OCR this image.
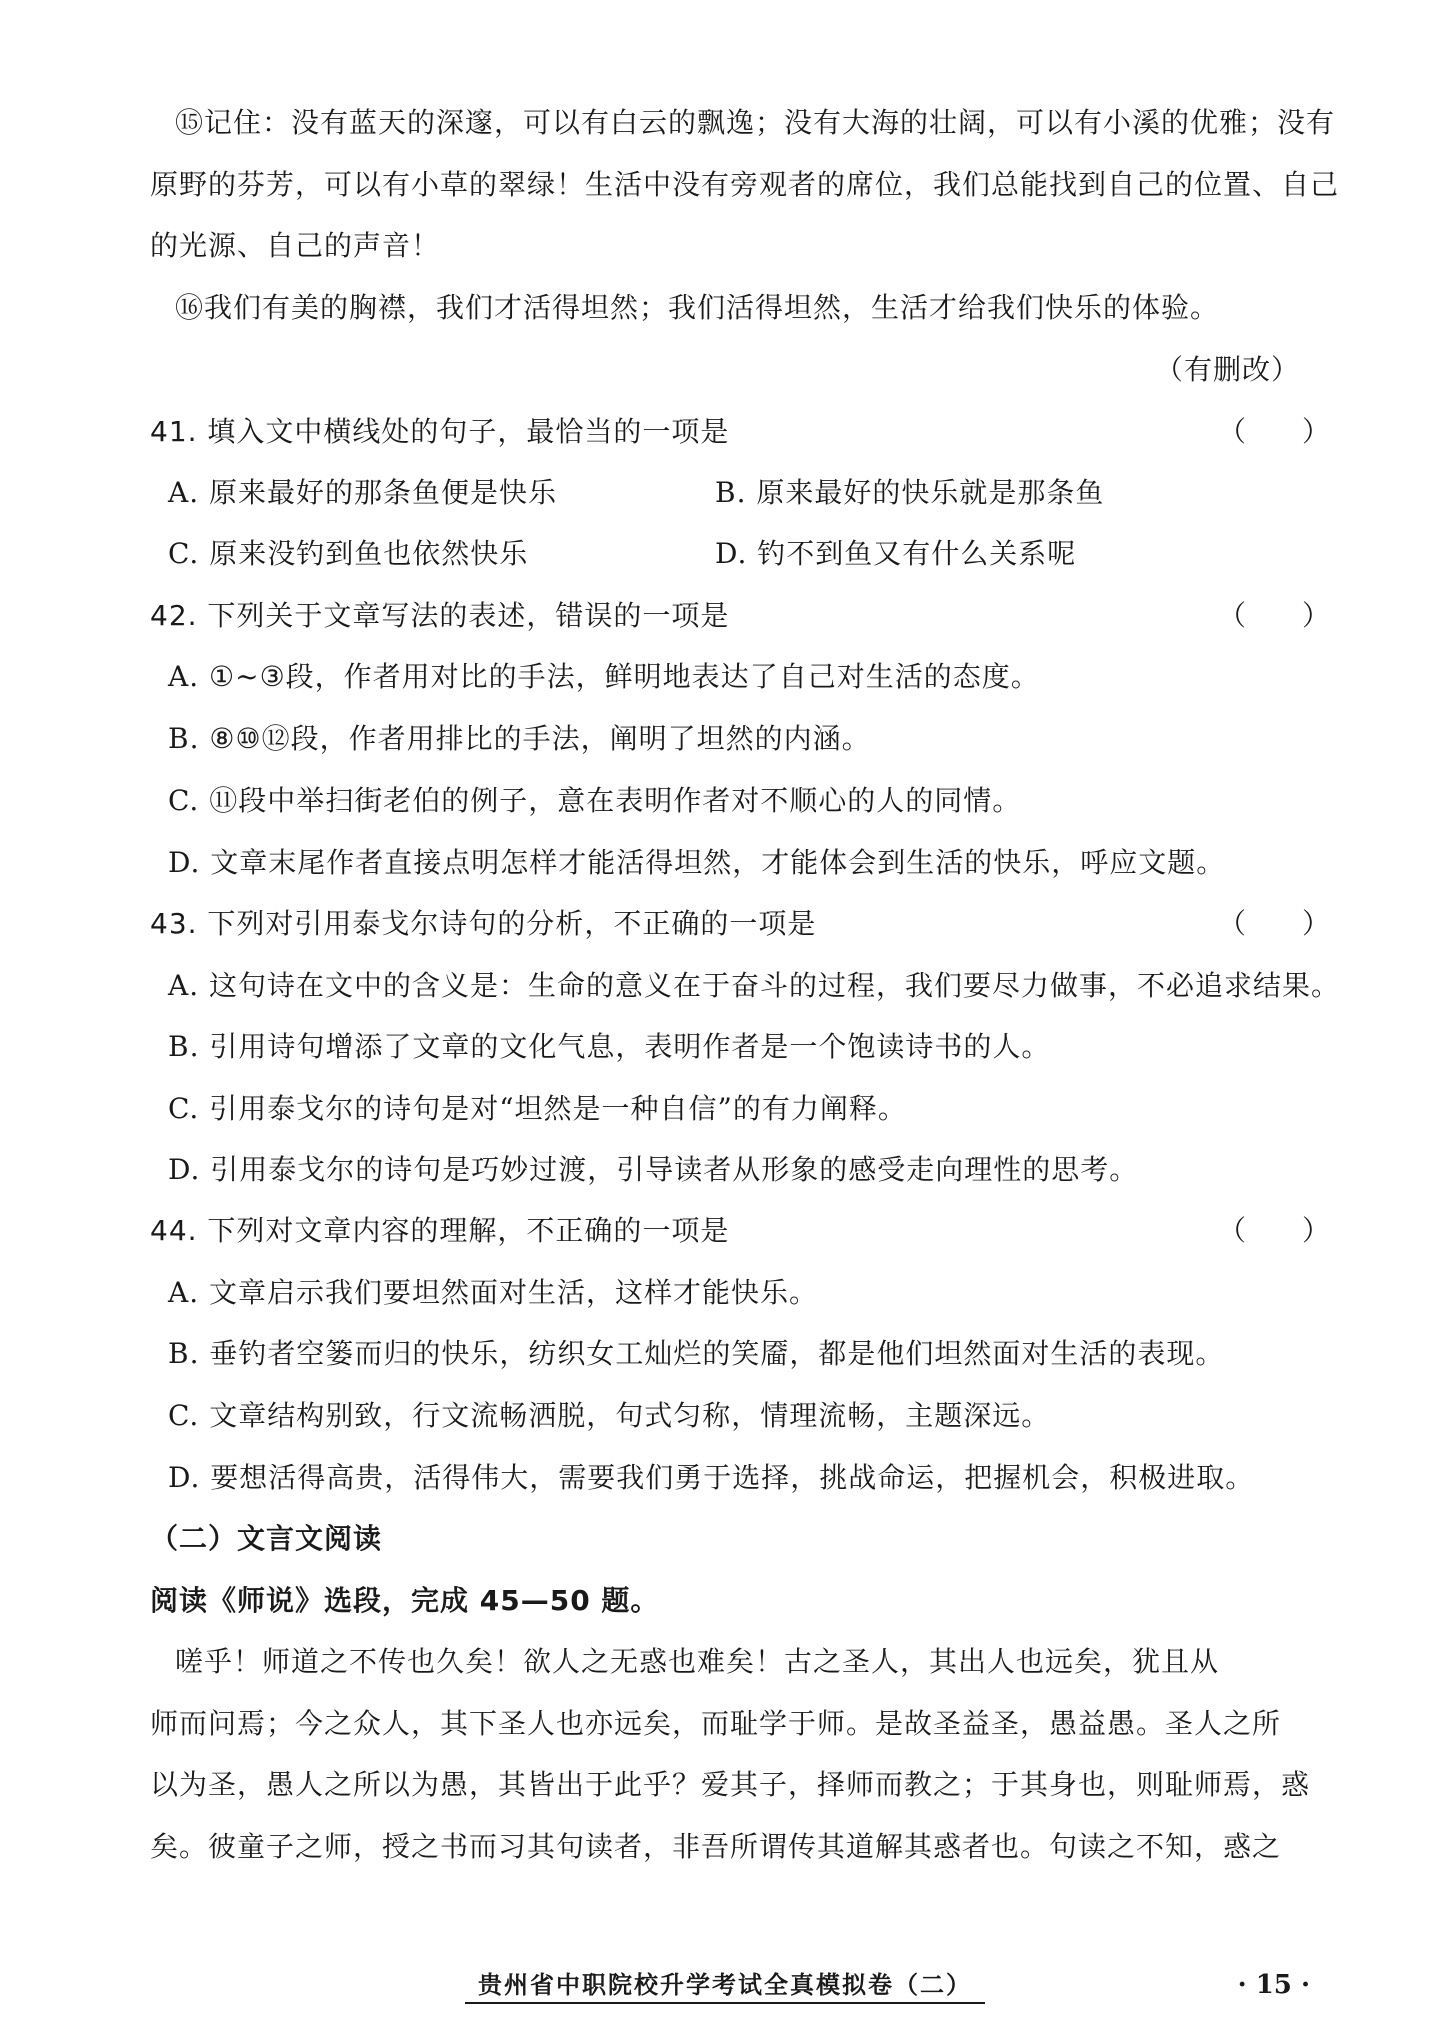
⑮记住：没有蓝天的深邃，可以有白云的飘逸；没有大海的壮阔，可以有小溪的优雅；没有
原野的芬芳，可以有小草的翠绿！生活中没有旁观者的席位，我们总能找到自己的位置、自己
的光源、自己的声音！
⑯我们有美的胸襟，我们才活得坦然；我们活得坦然，生活才给我们快乐的体验。
（有删改）
41. 填入文中横线处的句子，最恰当的一项是	（　　）
A. 原来最好的那条鱼便是快乐	B. 原来最好的快乐就是那条鱼
C. 原来没钓到鱼也依然快乐	D. 钓不到鱼又有什么关系呢
42. 下列关于文章写法的表述，错误的一项是	（　　）
A. ①~③段，作者用对比的手法，鲜明地表达了自己对生活的态度。
B. ⑧⑩⑫段，作者用排比的手法，阐明了坦然的内涵。
C. ⑪段中举扫街老伯的例子，意在表明作者对不顺心的人的同情。
D. 文章末尾作者直接点明怎样才能活得坦然，才能体会到生活的快乐，呼应文题。
43. 下列对引用泰戈尔诗句的分析，不正确的一项是	（　　）
A. 这句诗在文中的含义是：生命的意义在于奋斗的过程，我们要尽力做事，不必追求结果。
B. 引用诗句增添了文章的文化气息，表明作者是一个饱读诗书的人。
C. 引用泰戈尔的诗句是对“坦然是一种自信”的有力阐释。
D. 引用泰戈尔的诗句是巧妙过渡，引导读者从形象的感受走向理性的思考。
44. 下列对文章内容的理解，不正确的一项是	（　　）
A. 文章启示我们要坦然面对生活，这样才能快乐。
B. 垂钓者空篓而归的快乐，纺织女工灿烂的笑靥，都是他们坦然面对生活的表现。
C. 文章结构别致，行文流畅洒脱，句式匀称，情理流畅，主题深远。
D. 要想活得高贵，活得伟大，需要我们勇于选择，挑战命运，把握机会，积极进取。
（二）文言文阅读
阅读《师说》选段，完成 45—50 题。
嗟乎！师道之不传也久矣！欲人之无惑也难矣！古之圣人，其出人也远矣，犹且从
师而问焉；今之众人，其下圣人也亦远矣，而耻学于师。是故圣益圣，愚益愚。圣人之所
以为圣，愚人之所以为愚，其皆出于此乎？爱其子，择师而教之；于其身也，则耻师焉，惑
矣。彼童子之师，授之书而习其句读者，非吾所谓传其道解其惑者也。句读之不知，惑之
贵州省中职院校升学考试全真模拟卷（二）	· 15 ·
